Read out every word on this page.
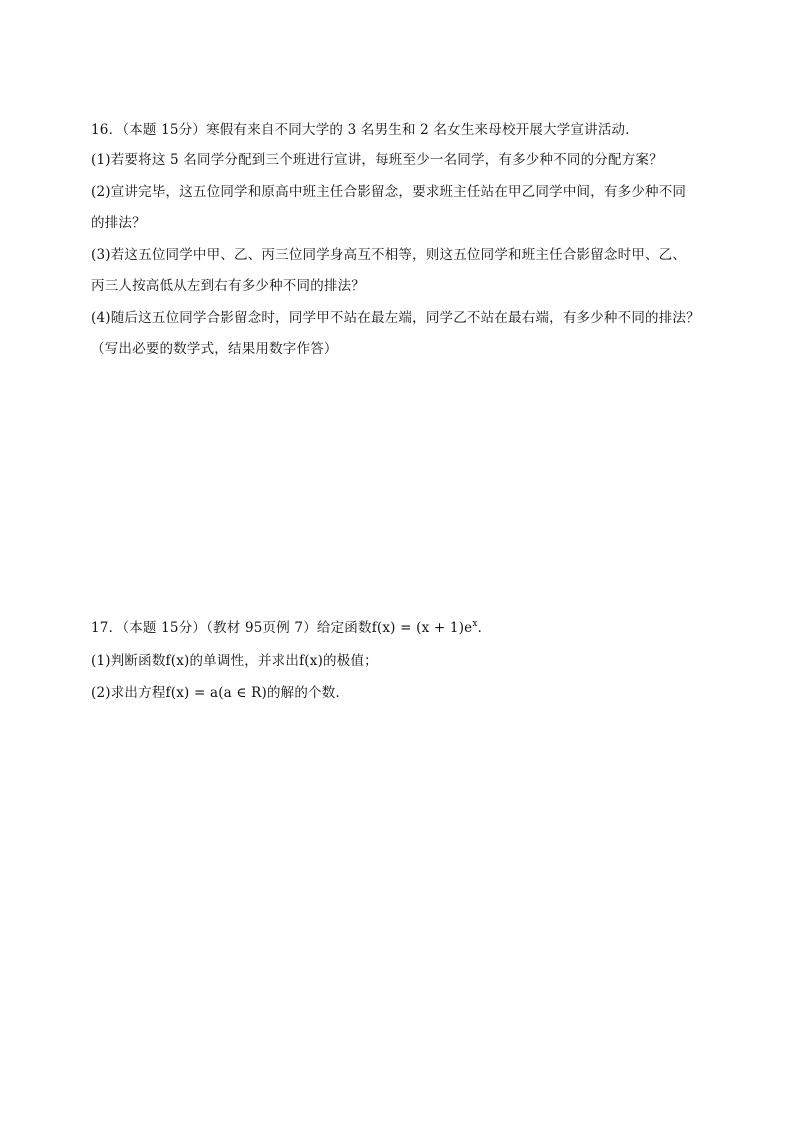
16．（本题 15分）寒假有来自不同大学的 3 名男生和 2 名女生来母校开展大学宣讲活动．
(1)若要将这 5 名同学分配到三个班进行宣讲，每班至少一名同学，有多少种不同的分配方案？
(2)宣讲完毕，这五位同学和原高中班主任合影留念，要求班主任站在甲乙同学中间，有多少种不同
的排法？
(3)若这五位同学中甲、乙、丙三位同学身高互不相等，则这五位同学和班主任合影留念时甲、乙、
丙三人按高低从左到右有多少种不同的排法？
(4)随后这五位同学合影留念时，同学甲不站在最左端，同学乙不站在最右端，有多少种不同的排法？
（写出必要的数学式，结果用数字作答）
17．（本题 15分）（教材 95页例 7）给定函数$f(x) = (x + 1)e^x$．
(1)判断函数f(x)的单调性，并求出f(x)的极值；
(2)求出方程f(x) = a(a ∈ R)的解的个数．
